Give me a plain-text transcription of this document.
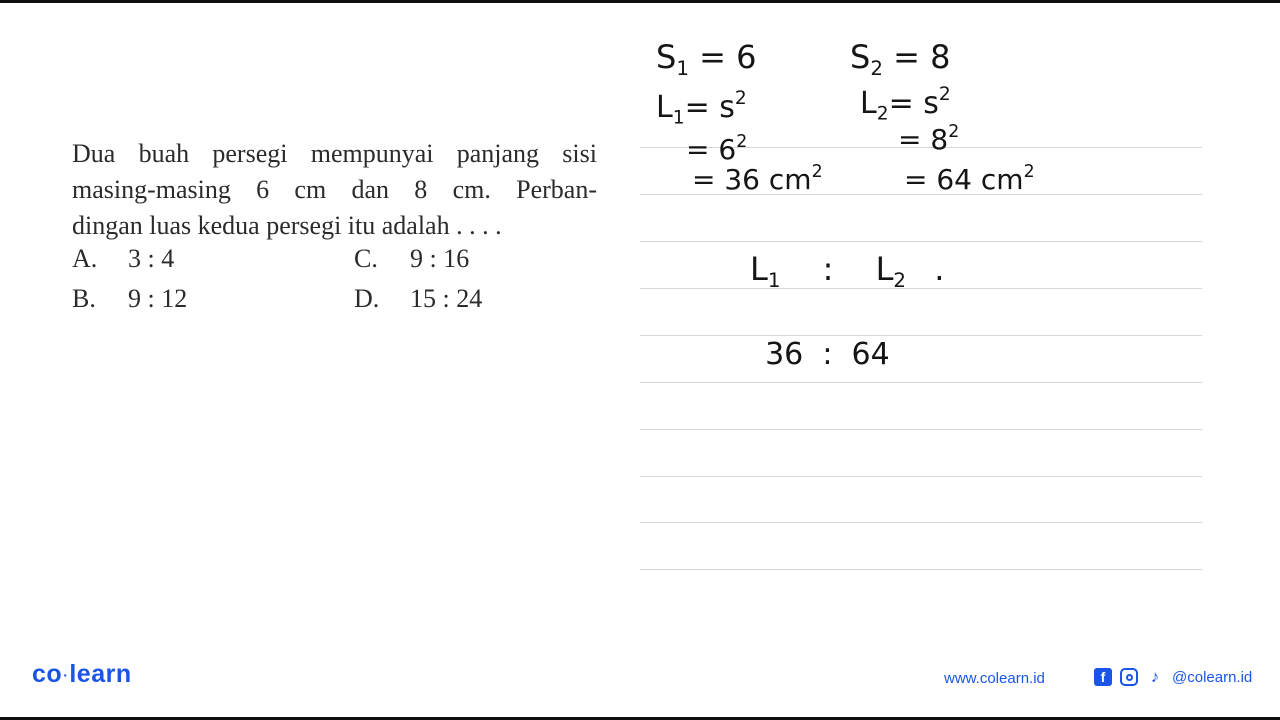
Dua buah persegi mempunyai panjang sisi
masing-masing 6 cm dan 8 cm. Perban-
dingan luas kedua persegi itu adalah . . . .
A. 3 : 4
B. 9 : 12
C. 9 : 16
D. 15 : 24
$S_1 = 6$	$S_2 = 8$
$L_1= s^2$	$L_2= s^2$
= $6^2$	= $8^2$
= 36 $cm^2$	= 64 $cm^2$
$L_1$ : $L_2$ .

36  :  64

co·learn	www.colearn.id	f	♪ @colearn.id
